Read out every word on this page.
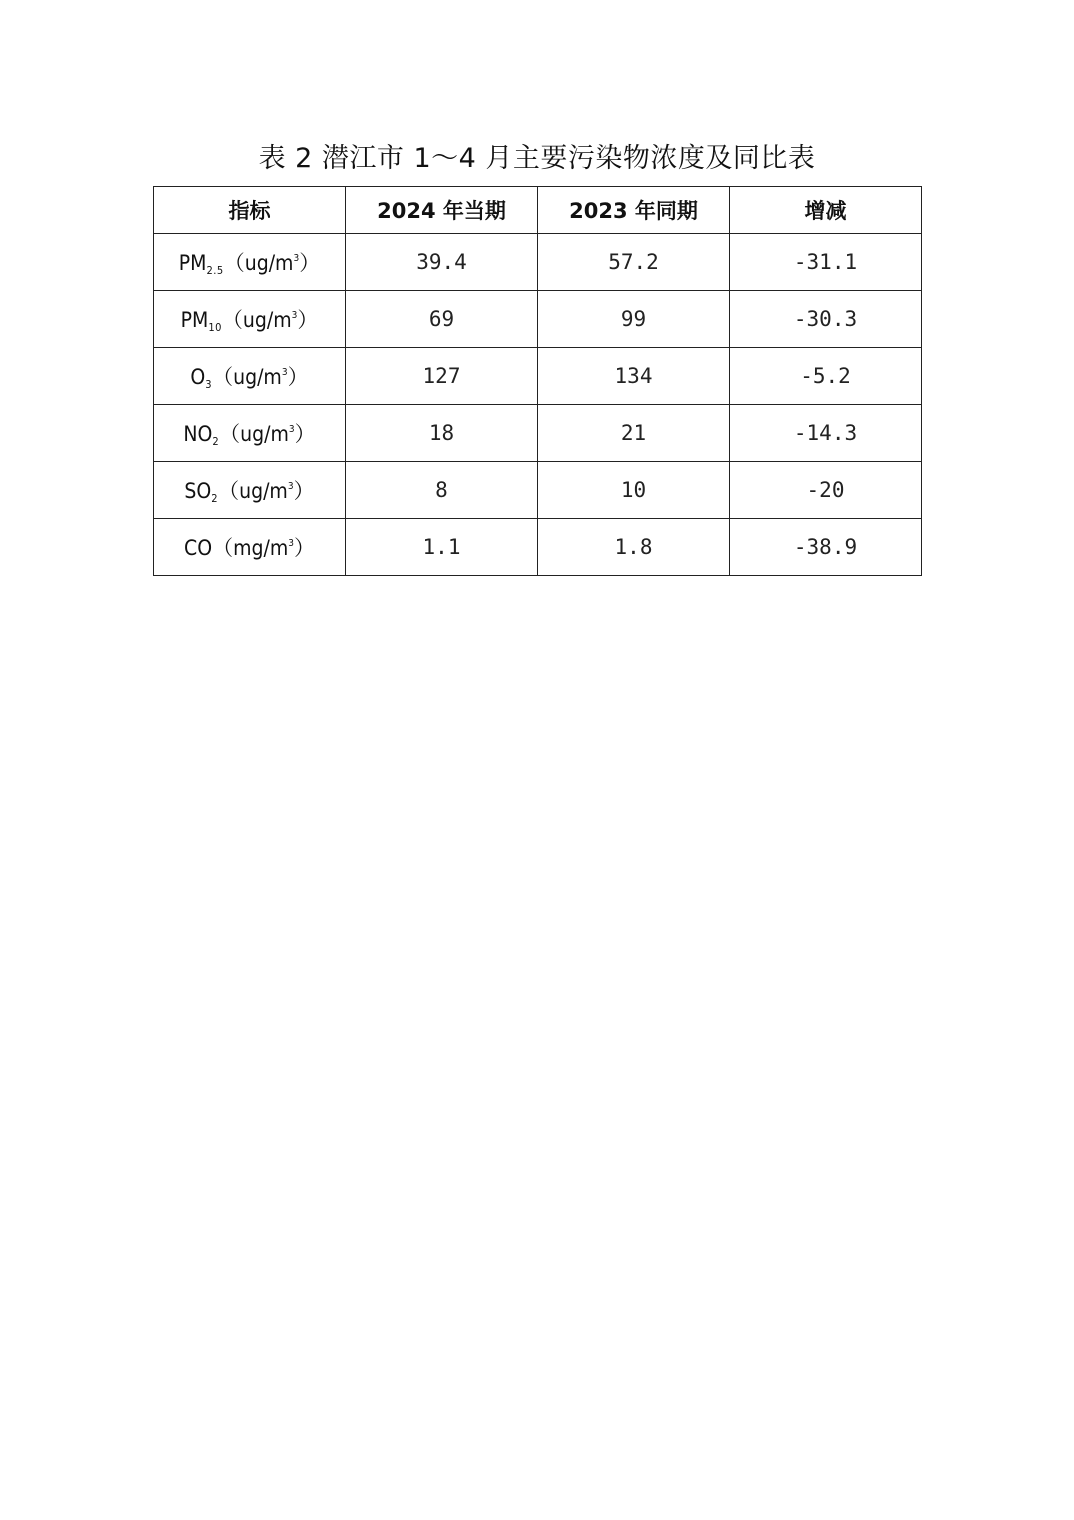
表 2 潜江市 1～4 月主要污染物浓度及同比表
指标	2024 年当期	2023 年同期	增减
$PM_{2.5}(ug/m^3)$	39.4	57.2	-31.1
$PM_{10}(ug/m^3)$	69	99	-30.3
$O_3(ug/m^3)$	127	134	-5.2
$NO_2(ug/m^3)$	18	21	-14.3
$SO_2(ug/m^3)$	8	10	-20
$CO(mg/m^3)$	1.1	1.8	-38.9
